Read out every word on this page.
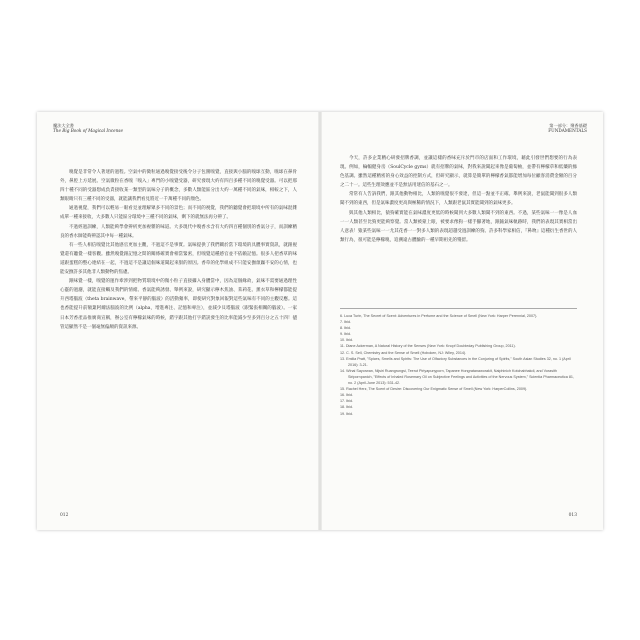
魔法大全書
The Big Book of Magical Incense

嗅覺是非常令人著迷的過程。空氣中的微粒通過嗅覺接受後令分子包圍嗅覺，直接與小腦的嗅球互動，嗅球在鼻骨外，鼻腔上方延展。空氣微粒在香嗅「嗅入」專門的小嗅覺受器，研究發現大約有四百多種不同的嗅覺受器。可以把那四十種不同的受器想成負責接收某一類型的氣味分子的概念，多數人類能區分出大約一萬種不同的氣味，相較之下，人類眼睛只有三種不同的受器，就能讓我們看見將近一千萬種不同的顏色。

通過視覺，我們可以輕易一眼看見並理解眾多不同的景色；而不同的視覺，我們的聽覺會把環境中所有的氣味混雜成單一種來接收，大多數人只能區分環境中三種不同的氣味，剩下的就無法再分辨了。

不過經過訓練，人類能夠學會辨析更加複雜的味道。大多現代中嗅香水含有大約四百種個別的香氣分子，而訓練精良的香水師能夠辨認其中每一種氣味。

有一些人相信嗅覺比其他感官更加主觀，不過這不是事實。氣味提供了我們關於當下環境的具體事實資訊，就跟視覺還有聽覺一樣客觀。雖然嗅覺跟記憶之間的關係確實會相當緊密，但嗅覺這種感官並不依賴記憶。很多人把香草的味道跟蛋糕的整心連結在一起，不過這不是讓這個味道聞起來甜的原因。香草的化學組成不只能安撫煩躁不安的心情，也能安撫許多其他非人類動物的焦慮。

跟味覺一樣，嗅覺的運作牽涉到把物質環境中的微小粒子直接攝入身體當中，因為這個緣故，氣味不需要通過理性心靈的過濾，就能直接觸及我們的情緒。香氣能夠誘發、舉例來說，研究顯示檸木焦油、茉莉花、薰衣草和檸檬都能提升西塔腦波（theta brainwave，帶來平靜的腦波）的活動頻率，即使研究對象回報對這些氣味有不同的主觀反應。這也香能提升前額葉阿爾法腦波的比例（alpha，增進專注、記憶和專注），並減少貝塔腦波（跟緊張相關的腦波）。一家日本芳香產品推廣商宣稱，辦公室有檸檬氣味的時候，錯字跟其他打字錯誤發生的比率能減少至多到百分之五十四！儘管這顯然不是一個毫無偏頗的資訊來源。

012
第一部分：聚香基礎
FUNDAMENTALS

今天，許多企業精心研發招牌香調，並讓這樣的香味充斥於門市的店面和工作環境，藉此引發世們想要的行為表現。例如，輪輻健身房（SoulCycle gyms）就有招牌的氣味，對我來說聞起來像是葡萄柚，並帶有檸檬草和低藥的綠色基調。雖然這種精密的身心效益的控制方式，但研究顯示，就算是簡單的檸檬香氣都能增加每位顧客消費金額的百分之二十一。這些生理效應並不是無法用迷信的基石之一。

常常有人告訴我們，跟其他動物相比，人類的嗅覺很不發達，但這一點並不正確。舉例來說，老鼠能聞到很多人類聞不到的東西，但是氣味濃度更高與極稀的情況下，人類跟老鼠其實能聞到的氣味更多。

與其他人類相比，猿狗確實能在氣味濃度更低的時候聞到大多數人類聞不到的東西。不過，某些氣味一一像是人血一一人類甚至比狗更能夠察覺。當人類被蒙上眼，被要求像狗一樣手腳著地，跟隨氣味軌跡時，我們的表現其實相當出人意表！猿某些氣味一一尤其花香一一對多人類的表現超越受過訓練的狗。許多科學家相信，『鼻吻』這種衍生香世的人類行為，很可能是檸檬嗅，追溯遠古體驗的一種早期祖先的殘留。

6. Luca Turin, The Secret of Scent: Adventures in Perfume and the Science of Smell (New York: Harper Perennial, 2007).

7. Ibid.

8. Ibid.

9. Ibid.

10. Ibid.

11. Diane Ackerman, A Natural History of the Senses (New York: Knopf Doubleday Publishing Group, 2011).

12. C. S. Sell, Chemistry and the Sense of Smell (Hoboken, NJ: Wiley, 2014).

13. Emilia Pratt, "Spices, Smells and Spirits: The Use of Olfactory Substances in the Conjuring of Spirits," South Asian Studies 32, no. 1 (April 2016): 3-21.

14. Winai Sayorwan, Nijsiri Ruangrungsi, Teerut Piriyapunyporn, Tapanee Hongratanaworakit, Naiphinich Kotchabhakdi, and Vorasith Siripornpanich, "Effects of Inhaled Rosemary Oil on Subjective Feelings and Activities of the Nervous System," Scientia Pharmaceutica 81, no. 2 (April-June 2013): 531-42.

15. Rachel Herz, The Scent of Desire: Discovering Our Enigmatic Sense of Smell (New York: HarperCollins, 2009).

16. Ibid.

17. Ibid.

18. Ibid.

19. Ibid.

013
